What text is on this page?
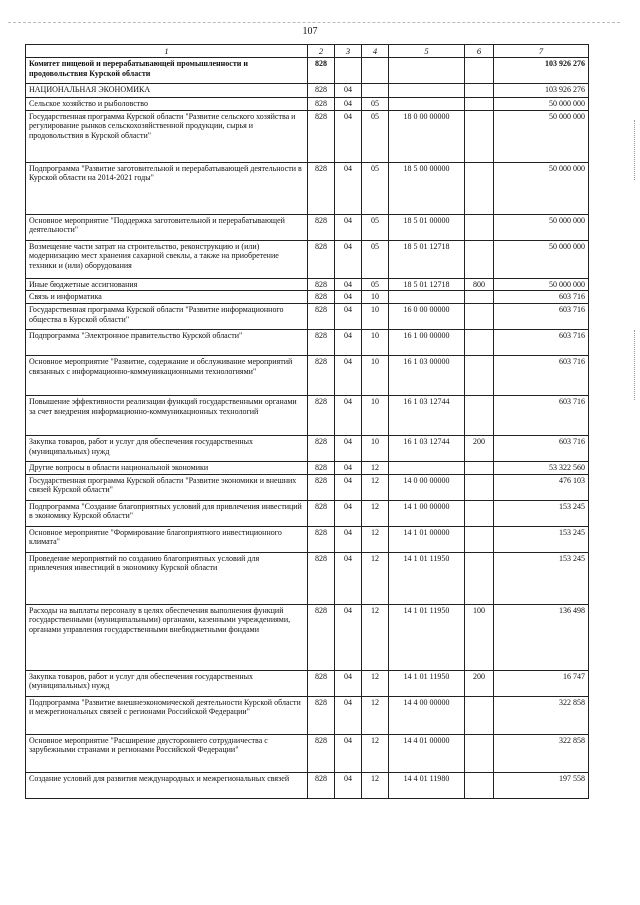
107
1	2	3	4	5	6	7
Комитет пищевой и перерабатывающей промышленности и продовольствия Курской области	828					103 926 276
НАЦИОНАЛЬНАЯ ЭКОНОМИКА	828	04				103 926 276
Сельское хозяйство и рыболовство	828	04	05			50 000 000
Государственная программа Курской области "Развитие сельского хозяйства и регулирование рынков сельскохозяйственной продукции, сырья и продовольствия в Курской области"	828	04	05	18 0 00 00000		50 000 000
Подпрограмма "Развитие заготовительной и перерабатывающей деятельности в Курской области на 2014-2021 годы"	828	04	05	18 5 00 00000		50 000 000
Основное мероприятие "Поддержка заготовительной и перерабатывающей деятельности"	828	04	05	18 5 01 00000		50 000 000
Возмещение части затрат на строительство, реконструкцию и (или) модернизацию мест хранения сахарной свеклы, а также на приобретение техники и (или) оборудования	828	04	05	18 5 01 12718		50 000 000
Иные бюджетные ассигнования	828	04	05	18 5 01 12718	800	50 000 000
Связь и информатика	828	04	10			603 716
Государственная программа Курской области "Развитие информационного общества в Курской области"	828	04	10	16 0 00 00000		603 716
Подпрограмма "Электронное правительство Курской области"	828	04	10	16 1 00 00000		603 716
Основное мероприятие "Развитие, содержание и обслуживание мероприятий связанных с информационно-коммуникационными технологиями"	828	04	10	16 1 03 00000		603 716
Повышение эффективности реализации функций государственными органами за счет внедрения информационно-коммуникационных технологий	828	04	10	16 1 03 12744		603 716
Закупка товаров, работ и услуг для обеспечения государственных (муниципальных) нужд	828	04	10	16 1 03 12744	200	603 716
Другие вопросы в области национальной экономики	828	04	12			53 322 560
Государственная программа Курской области "Развитие экономики и внешних связей Курской области"	828	04	12	14 0 00 00000		476 103
Подпрограмма "Создание благоприятных условий для привлечения инвестиций в экономику Курской области"	828	04	12	14 1 00 00000		153 245
Основное мероприятие "Формирование благоприятного инвестиционного климата"	828	04	12	14 1 01 00000		153 245
Проведение мероприятий по созданию благоприятных условий для привлечения инвестиций в экономику Курской области	828	04	12	14 1 01 11950		153 245
Расходы на выплаты персоналу в целях обеспечения выполнения функций государственными (муниципальными) органами, казенными учреждениями, органами управления государственными внебюджетными фондами	828	04	12	14 1 01 11950	100	136 498
Закупка товаров, работ и услуг для обеспечения государственных (муниципальных) нужд	828	04	12	14 1 01 11950	200	16 747
Подпрограмма "Развитие внешнеэкономической деятельности Курской области и межрегиональных связей с регионами Российской Федерации"	828	04	12	14 4 00 00000		322 858
Основное мероприятие "Расширение двустороннего сотрудничества с зарубежными странами и регионами Российской Федерации"	828	04	12	14 4 01 00000		322 858
Создание условий для развития международных и межрегиональных связей	828	04	12	14 4 01 11980		197 558
